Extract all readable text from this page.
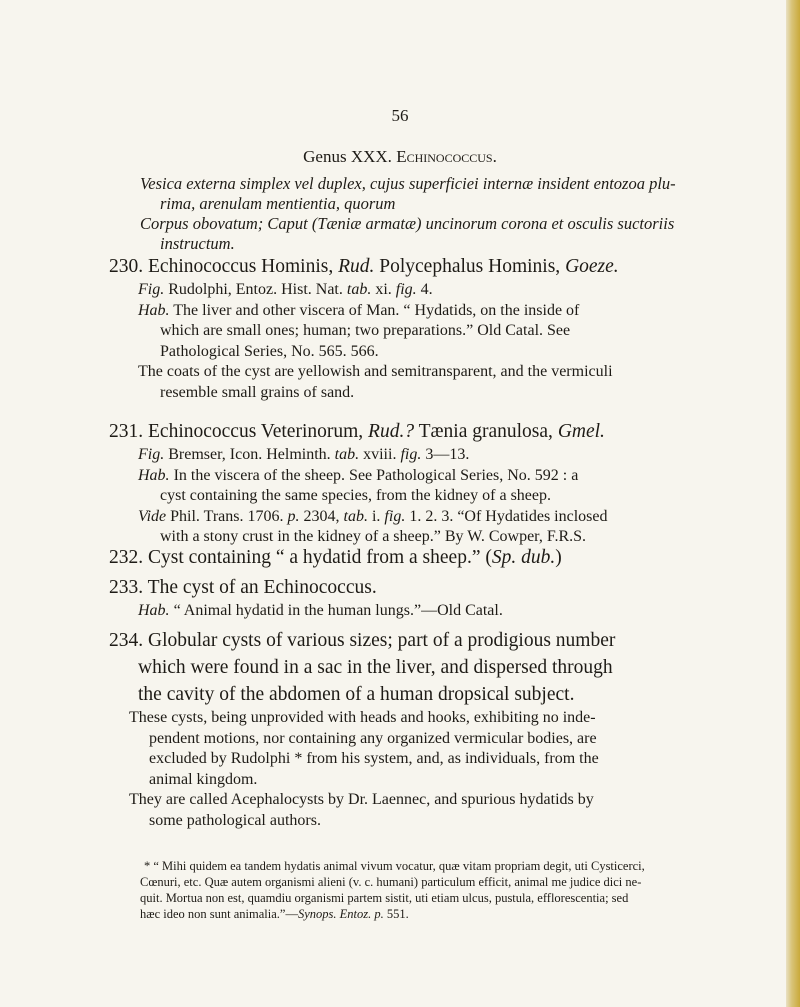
56
Genus XXX. Echinococcus.
Vesica externa simplex vel duplex, cujus superficiei internæ insident entozoa plu-
rima, arenulam mentientia, quorum
Corpus obovatum; Caput (Tæniæ armatæ) uncinorum corona et osculis suctoriis
instructum.
230. Echinococcus Hominis, Rud. Polycephalus Hominis, Goeze.
Fig. Rudolphi, Entoz. Hist. Nat. tab. xi. fig. 4.
Hab. The liver and other viscera of Man. “ Hydatids, on the inside of
which are small ones; human; two preparations.” Old Catal. See
Pathological Series, No. 565. 566.
The coats of the cyst are yellowish and semitransparent, and the vermiculi
resemble small grains of sand.
231. Echinococcus Veterinorum, Rud.? Tænia granulosa, Gmel.
Fig. Bremser, Icon. Helminth. tab. xviii. fig. 3—13.
Hab. In the viscera of the sheep. See Pathological Series, No. 592 : a
cyst containing the same species, from the kidney of a sheep.
Vide Phil. Trans. 1706. p. 2304, tab. i. fig. 1. 2. 3. “Of Hydatides inclosed
with a stony crust in the kidney of a sheep.” By W. Cowper, F.R.S.
232. Cyst containing “ a hydatid from a sheep.” (Sp. dub.)
233. The cyst of an Echinococcus.
Hab. “ Animal hydatid in the human lungs.”—Old Catal.
234. Globular cysts of various sizes; part of a prodigious number
which were found in a sac in the liver, and dispersed through
the cavity of the abdomen of a human dropsical subject.
These cysts, being unprovided with heads and hooks, exhibiting no inde-
pendent motions, nor containing any organized vermicular bodies, are
excluded by Rudolphi * from his system, and, as individuals, from the
animal kingdom.
They are called Acephalocysts by Dr. Laennec, and spurious hydatids by
some pathological authors.
* “ Mihi quidem ea tandem hydatis animal vivum vocatur, quæ vitam propriam degit, uti Cysticerci,
Cœnuri, etc. Quæ autem organismi alieni (v. c. humani) particulum efficit, animal me judice dici ne-
quit. Mortua non est, quamdiu organismi partem sistit, uti etiam ulcus, pustula, efflorescentia; sed
hæc ideo non sunt animalia.”—Synops. Entoz. p. 551.
